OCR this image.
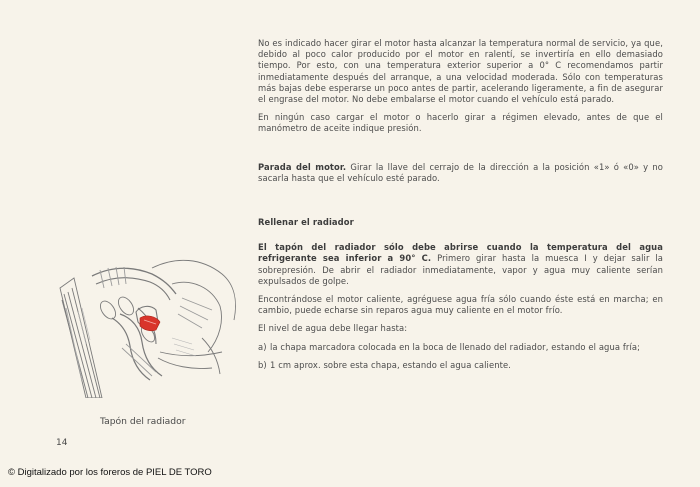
Tapón del radiador
14

No es indicado hacer girar el motor hasta alcanzar la temperatura normal de servicio, ya que, debido al poco calor producido por el motor en ralentí, se invertiría en ello demasiado tiempo. Por esto, con una temperatura exterior superior a 0° C recomendamos partir inmediatamente después del arranque, a una velocidad moderada. Sólo con temperaturas más bajas debe esperarse un poco antes de partir, acelerando ligeramente, a fin de asegurar el engrase del motor. No debe embalarse el motor cuando el vehículo está parado.

En ningún caso cargar el motor o hacerlo girar a régimen elevado, antes de que el manómetro de aceite indique presión.

Parada del motor. Girar la llave del cerrajo de la dirección a la posición «1» ó «0» y no sacarla hasta que el vehículo esté parado.

Rellenar el radiador

El tapón del radiador sólo debe abrirse cuando la temperatura del agua refrigerante sea inferior a 90° C. Primero girar hasta la muesca I y dejar salir la sobrepresión. De abrir el radiador inmediatamente, vapor y agua muy caliente serían expulsados de golpe.

Encontrándose el motor caliente, agréguese agua fría sólo cuando éste está en marcha; en cambio, puede echarse sin reparos agua muy caliente en el motor frío.

El nivel de agua debe llegar hasta:

a) la chapa marcadora colocada en la boca de llenado del radiador, estando el agua fría;
b) 1 cm aprox. sobre esta chapa, estando el agua caliente.
© Digitalizado por los foreros de PIEL DE TORO
